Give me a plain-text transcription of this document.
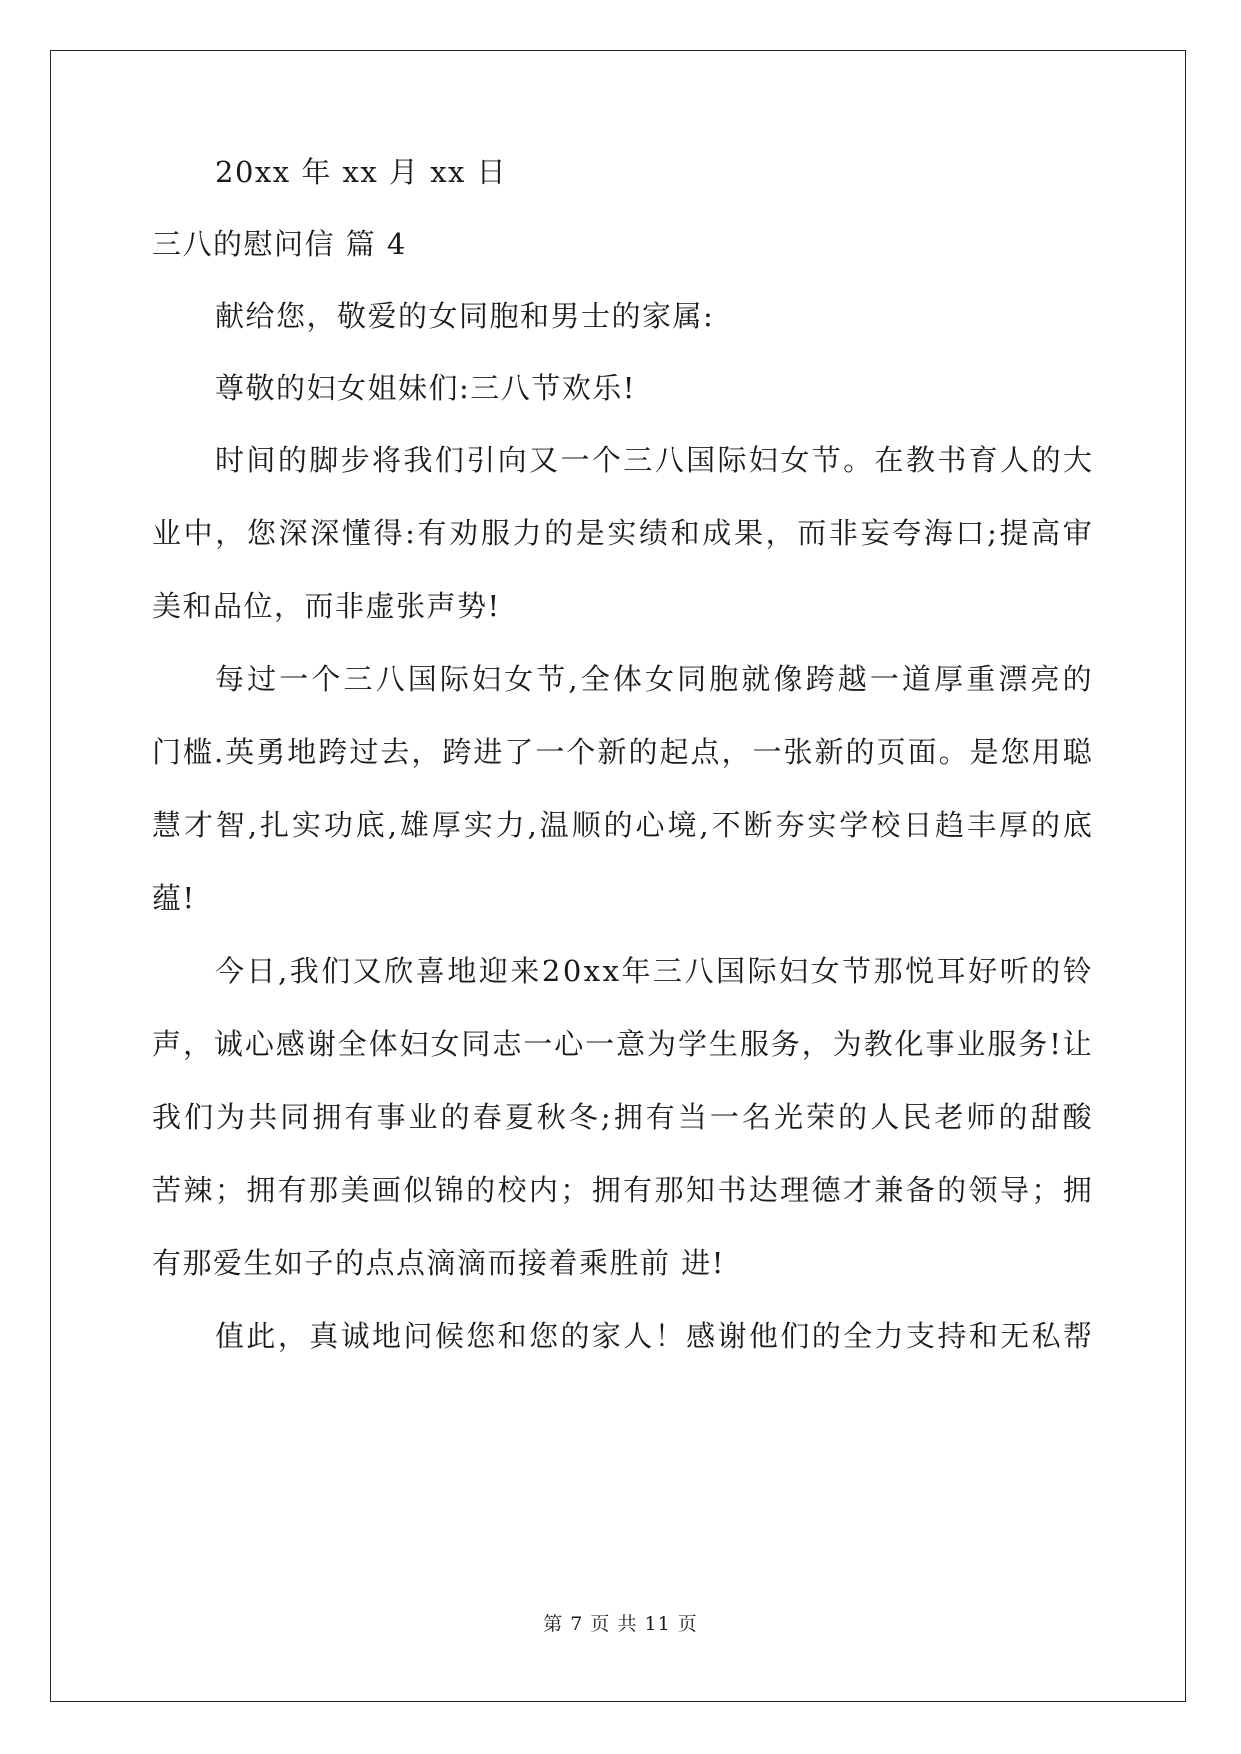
20xx 年 xx 月 xx 日
三八的慰问信 篇 4
献给您，敬爱的女同胞和男士的家属:
尊敬的妇女姐妹们:三八节欢乐!
时 间 的 脚 步 将 我 们 引 向 又 一 个 三 八 国 际 妇 女 节 。 在 教 书 育 人 的 大
业 中 ， 您 深 深 懂 得 : 有 劝 服 力 的 是 实 绩 和 成 果 ， 而 非 妄 夸 海 口 ; 提 高 审
美和品位，而非虚张声势!
每 过 一 个 三 八 国 际 妇 女 节 , 全 体 女 同 胞 就 像 跨 越 一 道 厚 重 漂 亮 的
门 槛 . 英 勇 地 跨 过 去 ， 跨 进 了 一 个 新 的 起 点 ， 一 张 新 的 页 面 。 是 您 用 聪
慧 才 智 , 扎 实 功 底 , 雄 厚 实 力 , 温 顺 的 心 境 , 不 断 夯 实 学 校 日 趋 丰 厚 的 底
蕴!
今 日 , 我 们 又 欣 喜 地 迎 来 2 0 x x 年 三 八 国 际 妇 女 节 那 悦 耳 好 听 的 铃
声 ， 诚 心 感 谢 全 体 妇 女 同 志 一 心 一 意 为 学 生 服 务 ， 为 教 化 事 业 服 务 ! 让
我 们 为 共 同 拥 有 事 业 的 春 夏 秋 冬 ; 拥 有 当 一 名 光 荣 的 人 民 老 师 的 甜 酸
苦 辣 ； 拥 有 那 美 画 似 锦 的 校 内 ； 拥 有 那 知 书 达 理 德 才 兼 备 的 领 导 ； 拥
有那爱生如子的点点滴滴而接着乘胜前 进!
值 此 ， 真 诚 地 问 候 您 和 您 的 家 人 ！ 感 谢 他 们 的 全 力 支 持 和 无 私 帮
第 7 页 共 11 页
